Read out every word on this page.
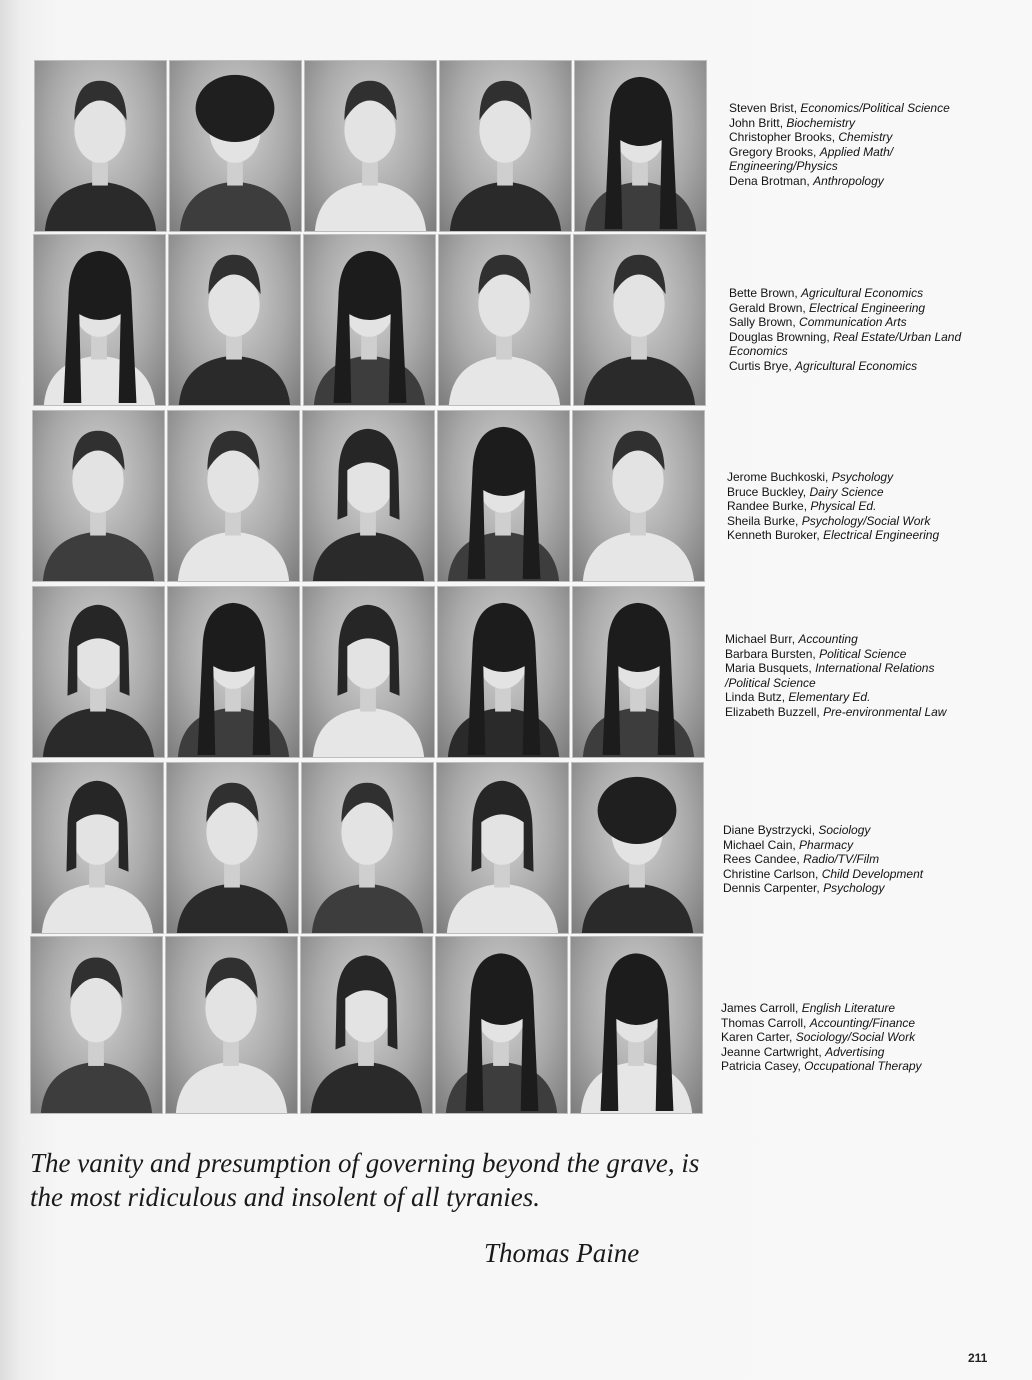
The vanity and presumption of governing beyond the grave, is
the most ridiculous and insolent of all tyranies.
Thomas Paine
211
Steven Brist, Economics/Political Science
John Britt, Biochemistry
Christopher Brooks, Chemistry
Gregory Brooks, Applied Math/ Engineering/Physics
Dena Brotman, Anthropology
Bette Brown, Agricultural Economics
Gerald Brown, Electrical Engineering
Sally Brown, Communication Arts
Douglas Browning, Real Estate/Urban Land Economics
Curtis Brye, Agricultural Economics
Jerome Buchkoski, Psychology
Bruce Buckley, Dairy Science
Randee Burke, Physical Ed.
Sheila Burke, Psychology/Social Work
Kenneth Buroker, Electrical Engineering
Michael Burr, Accounting
Barbara Bursten, Political Science
Maria Busquets, International Relations /Political Science
Linda Butz, Elementary Ed.
Elizabeth Buzzell, Pre-environmental Law
Diane Bystrzycki, Sociology
Michael Cain, Pharmacy
Rees Candee, Radio/TV/Film
Christine Carlson, Child Development
Dennis Carpenter, Psychology
James Carroll, English Literature
Thomas Carroll, Accounting/Finance
Karen Carter, Sociology/Social Work
Jeanne Cartwright, Advertising
Patricia Casey, Occupational Therapy
